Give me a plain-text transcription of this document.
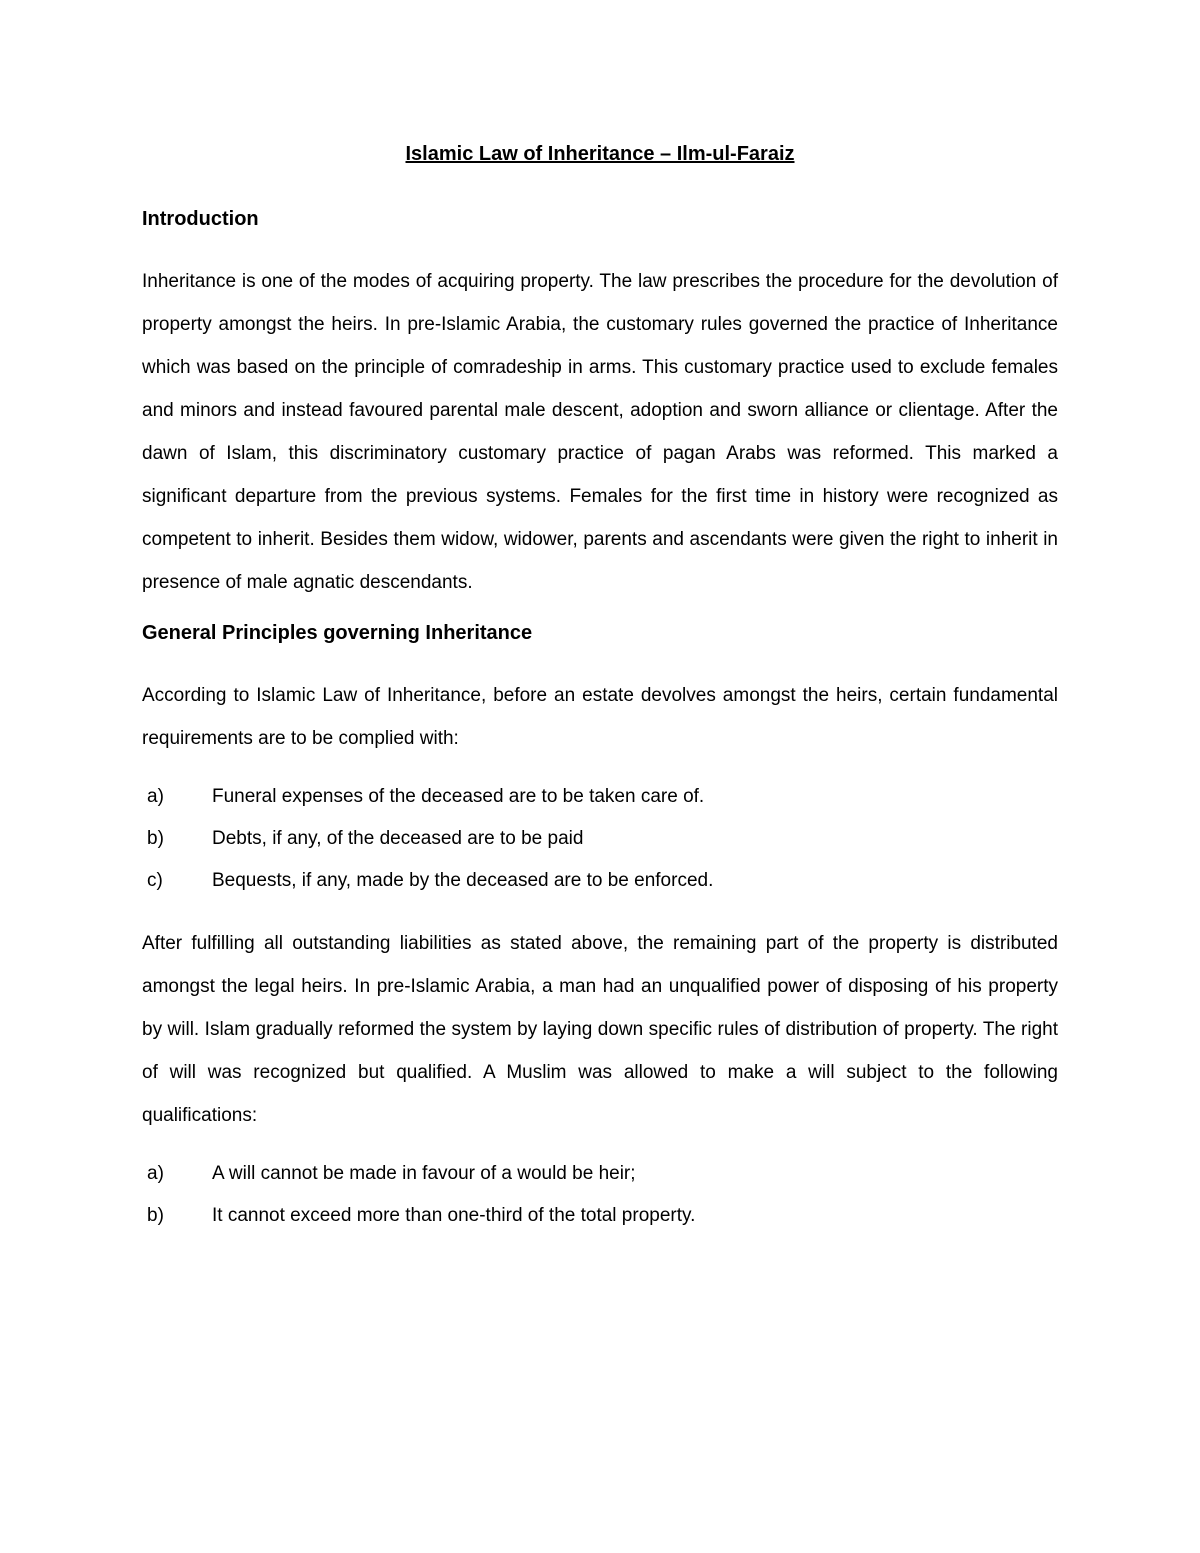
Islamic Law of Inheritance – Ilm-ul-Faraiz
Introduction

Inheritance is one of the modes of acquiring property. The law prescribes the procedure for the devolution of property amongst the heirs. In pre-Islamic Arabia, the customary rules governed the practice of Inheritance which was based on the principle of comradeship in arms. This customary practice used to exclude females and minors and instead favoured parental male descent, adoption and sworn alliance or clientage. After the dawn of Islam, this discriminatory customary practice of pagan Arabs was reformed. This marked a significant departure from the previous systems. Females for the first time in history were recognized as competent to inherit. Besides them widow, widower, parents and ascendants were given the right to inherit in presence of male agnatic descendants.

General Principles governing Inheritance

According to Islamic Law of Inheritance, before an estate devolves amongst the heirs, certain fundamental requirements are to be complied with:

a)	Funeral expenses of the deceased are to be taken care of.
b)	Debts, if any, of the deceased are to be paid
c)	Bequests, if any, made by the deceased are to be enforced.

After fulfilling all outstanding liabilities as stated above, the remaining part of the property is distributed amongst the legal heirs. In pre-Islamic Arabia, a man had an unqualified power of disposing of his property by will. Islam gradually reformed the system by laying down specific rules of distribution of property. The right of will was recognized but qualified. A Muslim was allowed to make a will subject to the following qualifications:

a)	A will cannot be made in favour of a would be heir;
b)	It cannot exceed more than one-third of the total property.
